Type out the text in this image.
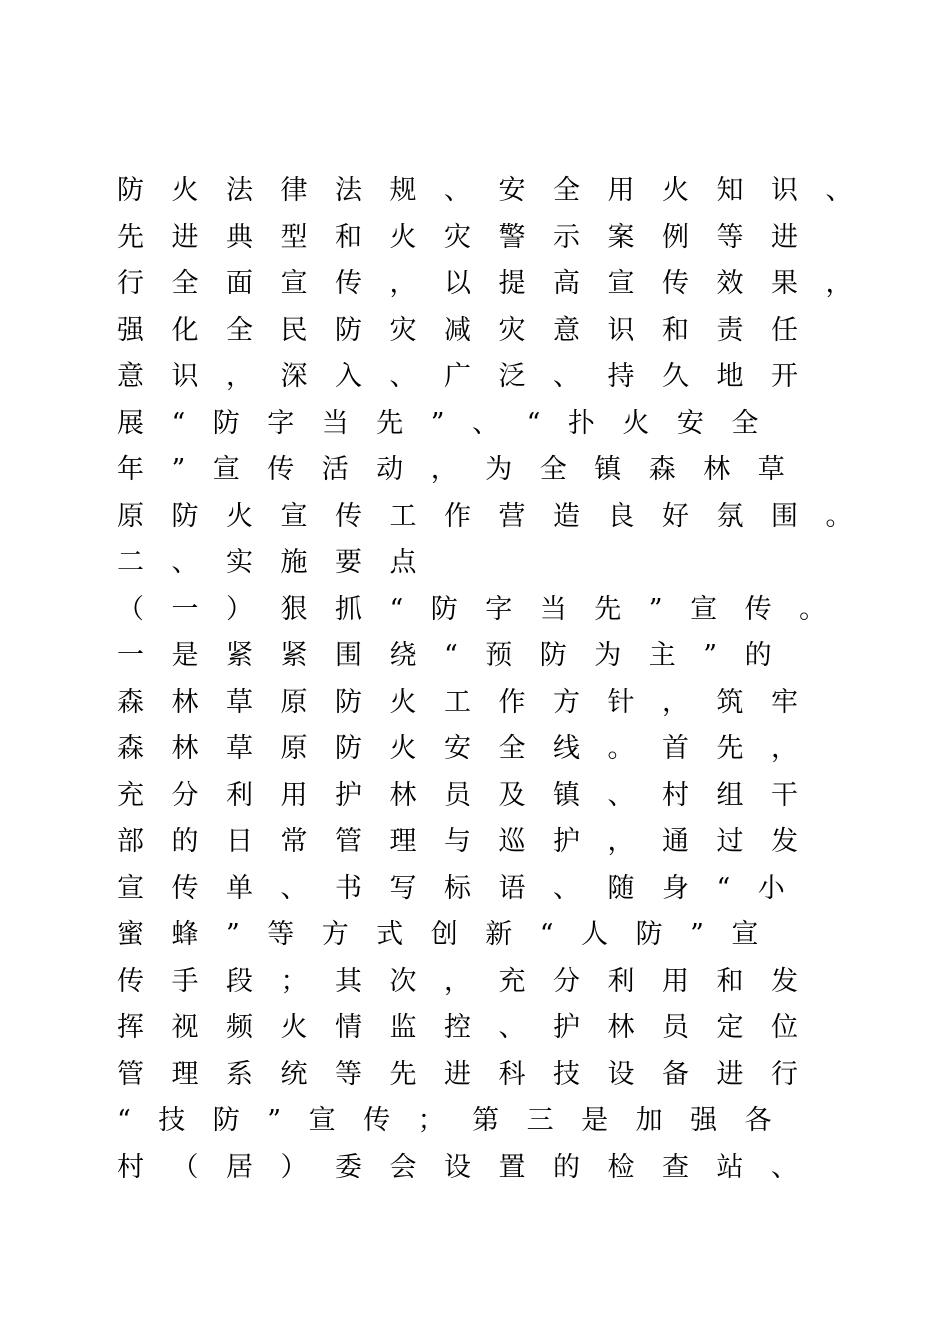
防火法律法规、安全用火知识、
先进典型和火灾警示案例等进
行全面宣传，以提高宣传效果，
强化全民防灾减灾意识和责任
意识，深入、广泛、持久地开
展“防字当先”、“扑火安全
年”宣传活动，为全镇森林草
原防火宣传工作营造良好氛围。
二、实施要点
（一）狠抓“防字当先”宣传。
一是紧紧围绕“预防为主”的
森林草原防火工作方针，筑牢
森林草原防火安全线。首先，
充分利用护林员及镇、村组干
部的日常管理与巡护，通过发
宣传单、书写标语、随身“小
蜜蜂”等方式创新“人防”宣
传手段；其次，充分利用和发
挥视频火情监控、护林员定位
管理系统等先进科技设备进行
“技防”宣传；第三是加强各
村（居）委会设置的检查站、
